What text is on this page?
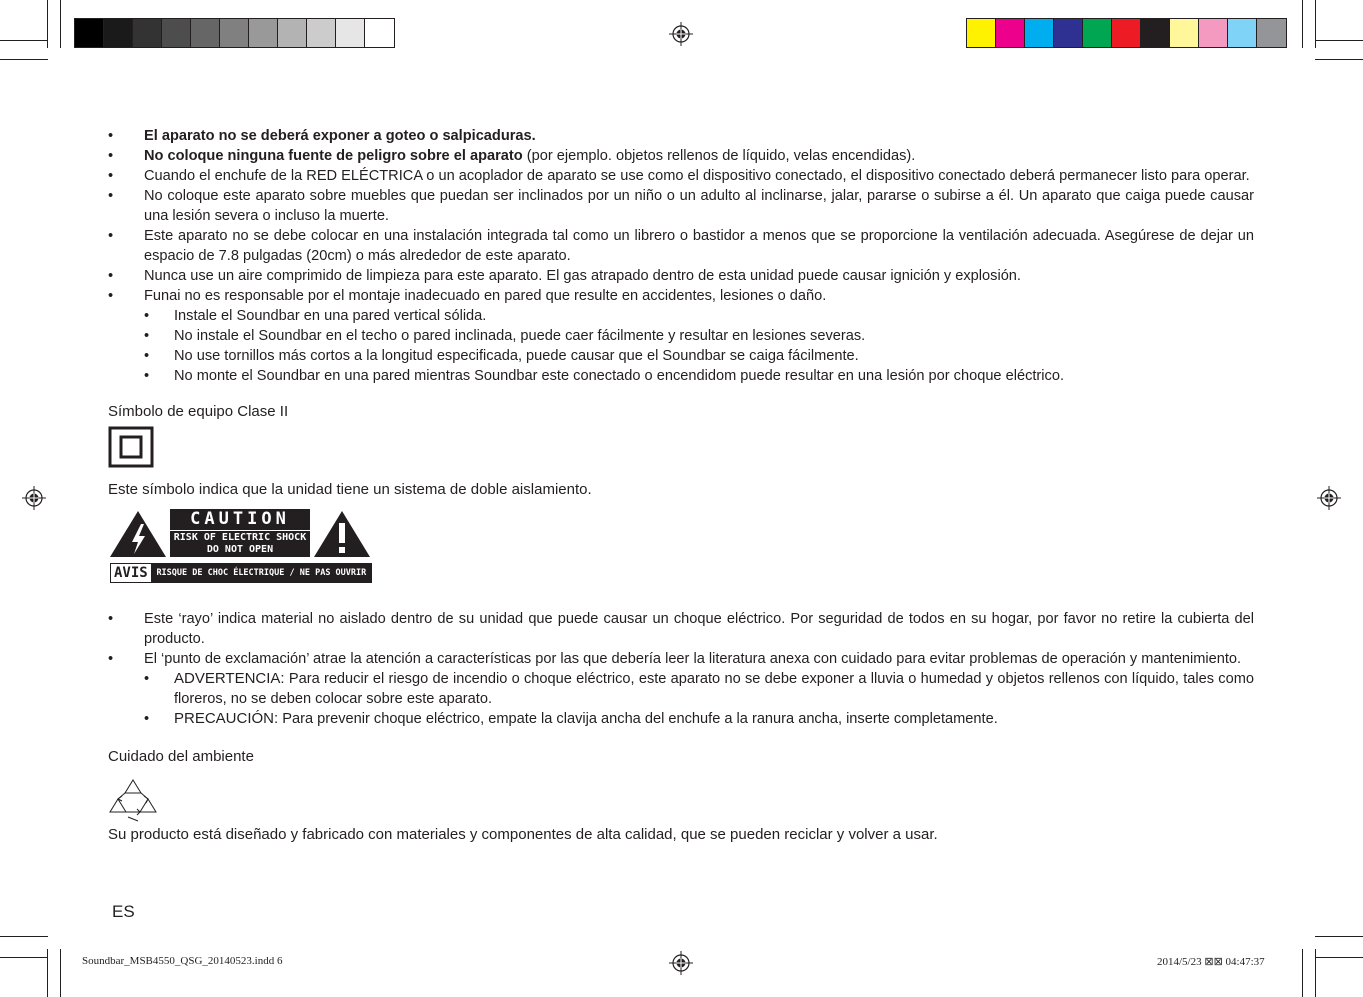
• El aparato no se deberá exponer a goteo o salpicaduras.
• No coloque ninguna fuente de peligro sobre el aparato (por ejemplo. objetos rellenos de líquido, velas encendidas).
• Cuando el enchufe de la RED ELÉCTRICA o un acoplador de aparato se use como el dispositivo conectado, el dispositivo conectado deberá permanecer listo para operar.
• No coloque este aparato sobre muebles que puedan ser inclinados por un niño o un adulto al inclinarse, jalar, pararse o subirse a él. Un aparato que caiga puede causar una lesión severa o incluso la muerte.
• Este aparato no se debe colocar en una instalación integrada tal como un librero o bastidor a menos que se proporcione la ventilación adecuada. Asegúrese de dejar un espacio de 7.8 pulgadas (20cm) o más alrededor de este aparato.
• Nunca use un aire comprimido de limpieza para este aparato. El gas atrapado dentro de esta unidad puede causar ignición y explosión.
• Funai no es responsable por el montaje inadecuado en pared que resulte en accidentes, lesiones o daño.
• Instale el Soundbar en una pared vertical sólida.
• No instale el Soundbar en el techo o pared inclinada, puede caer fácilmente y resultar en lesiones severas.
• No use tornillos más cortos a la longitud especificada, puede causar que el Soundbar se caiga fácilmente.
• No monte el Soundbar en una pared mientras Soundbar este conectado o encendidom puede resultar en una lesión por choque eléctrico.
Símbolo de equipo Clase II
Este símbolo indica que la unidad tiene un sistema de doble aislamiento.
CAUTION
RISK OF ELECTRIC SHOCK
DO NOT OPEN
AVIS	RISQUE DE CHOC ÉLECTRIQUE / NE PAS OUVRIR
• Este ‘rayo’ indica material no aislado dentro de su unidad que puede causar un choque eléctrico. Por seguridad de todos en su hogar, por favor no retire la cubierta del producto.
• El ‘punto de exclamación’ atrae la atención a características por las que debería leer la literatura anexa con cuidado para evitar problemas de operación y mantenimiento.
• ADVERTENCIA: Para reducir el riesgo de incendio o choque eléctrico, este aparato no se debe exponer a lluvia o humedad y objetos rellenos con líquido, tales como floreros, no se deben colocar sobre este aparato.
• PRECAUCIÓN: Para prevenir choque eléctrico, empate la clavija ancha del enchufe a la ranura ancha, inserte completamente.
Cuidado del ambiente
Su producto está diseñado y fabricado con materiales y componentes de alta calidad, que se pueden reciclar y volver a usar.
ES
Soundbar_MSB4550_QSG_20140523.indd 6	2014/5/23 ⊠⊠ 04:47:37
